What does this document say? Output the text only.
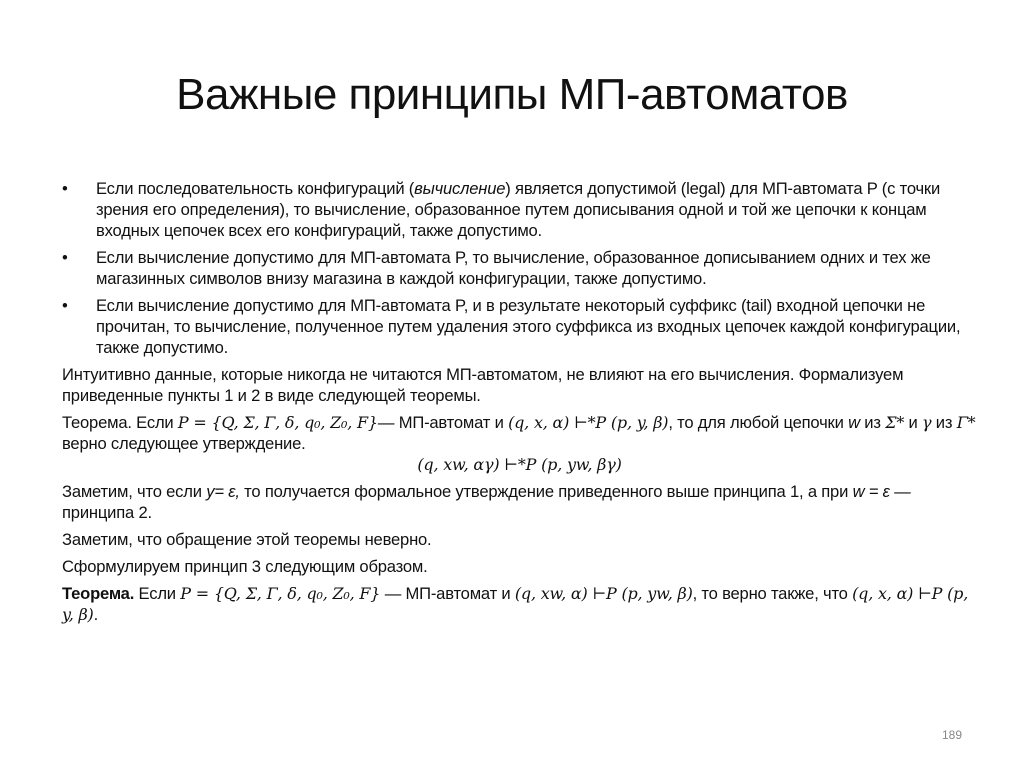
Важные принципы МП-автоматов
• Если последовательность конфигураций (вычисление) является допустимой (legal) для МП-автомата P (с точки зрения его определения), то вычисление, образованное путем дописывания одной и той же цепочки к концам входных цепочек всех его конфигураций, также допустимо.
• Если вычисление допустимо для МП-автомата P, то вычисление, образованное дописыванием одних и тех же магазинных символов внизу магазина в каждой конфигурации, также допустимо.
• Если вычисление допустимо для МП-автомата P, и в результате некоторый суффикс (tail) входной цепочки не прочитан, то вычисление, полученное путем удаления этого суффикса из входных цепочек каждой конфигурации, также допустимо.
Интуитивно данные, которые никогда не читаются МП-автоматом, не влияют на его вычисления. Формализуем приведенные пункты 1 и 2 в виде следующей теоремы.
Теорема. Если P = {Q, Σ, Γ, δ, q₀, Z₀, F}— МП-автомат и (q, x, α) ⊢*P (p, y, β), то для любой цепочки w из Σ* и γ из Γ* верно следующее утверждение.
(q, xw, αγ) ⊢*P (p, yw, βγ)
Заметим, что если y= ε, то получается формальное утверждение приведенного выше принципа 1, а при w = ε — принципа 2.
Заметим, что обращение этой теоремы неверно.
Сформулируем принцип 3 следующим образом.
Теорема. Если P = {Q, Σ, Γ, δ, q₀, Z₀, F} — МП-автомат и (q, xw, α) ⊢P (p, yw, β), то верно также, что (q, x, α) ⊢P (p, y, β).
189
